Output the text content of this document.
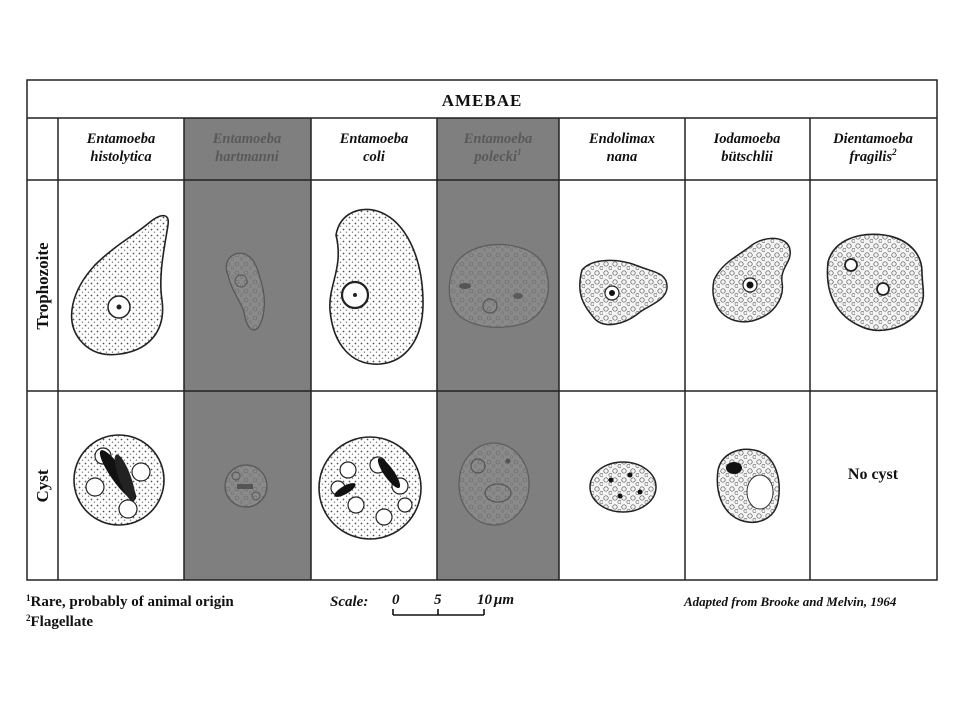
AMEBAE
Entamoeba
histolytica
Entamoeba
hartmanni
Entamoeba
coli
Entamoeba
polecki$^1$
Endolimax
nana
Iodamoeba
bütschlii
Dientamoeba
fragilis$^2$
Trophozoite
Cyst	No cyst
$^1$Rare, probably of animal origin
$^2$Flagellate
Scale: 0 5 10 μm	Adapted from Brooke and Melvin, 1964
